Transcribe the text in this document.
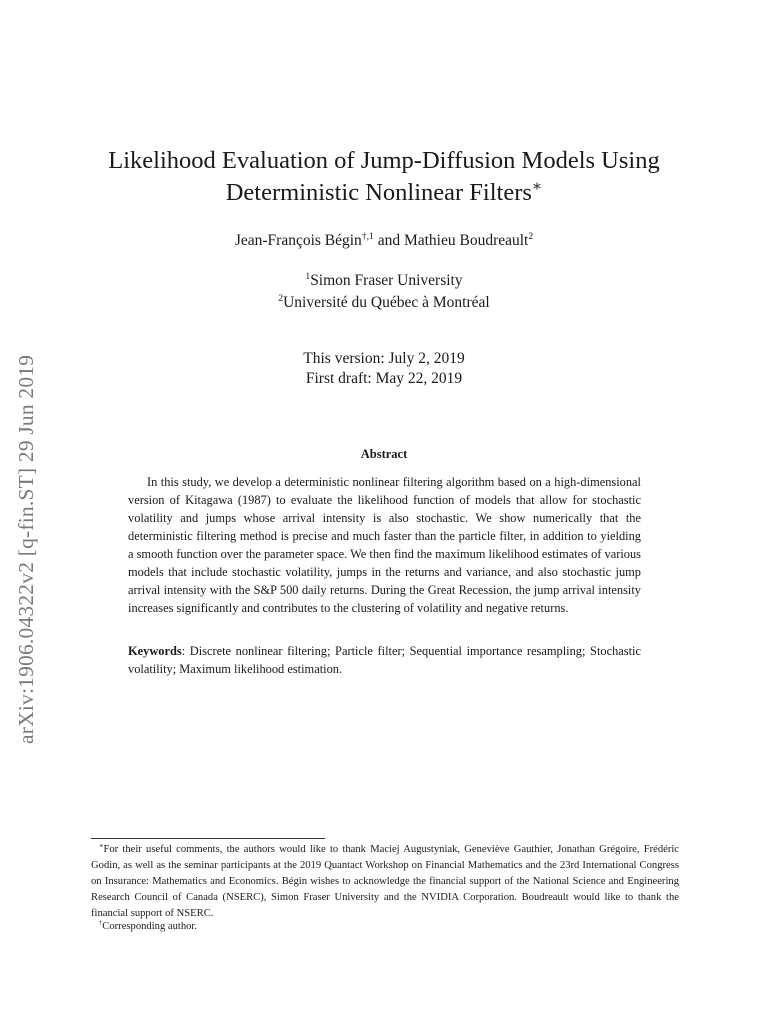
arXiv:1906.04322v2 [q-fin.ST] 29 Jun 2019
Likelihood Evaluation of Jump-Diffusion Models Using
Deterministic Nonlinear Filters∗
Jean-François Bégin$^{\dagger,1}$ and Mathieu Boudreault$^2$
$^1$Simon Fraser University
$^2$Université du Québec à Montréal
This version: July 2, 2019
First draft: May 22, 2019
Abstract

In this study, we develop a deterministic nonlinear filtering algorithm based on a high-dimensional version of Kitagawa (1987) to evaluate the likelihood function of models that allow for stochastic volatility and jumps whose arrival intensity is also stochastic. We show numerically that the deterministic filtering method is precise and much faster than the particle filter, in addition to yielding a smooth function over the parameter space. We then find the maximum likelihood estimates of various models that include stochastic volatility, jumps in the returns and variance, and also stochastic jump arrival intensity with the S&P 500 daily returns. During the Great Recession, the jump arrival intensity increases significantly and contributes to the clustering of volatility and negative returns.

Keywords: Discrete nonlinear filtering; Particle filter; Sequential importance resampling; Stochastic volatility; Maximum likelihood estimation.

∗For their useful comments, the authors would like to thank Maciej Augustyniak, Geneviève Gauthier, Jonathan Grégoire, Frédéric Godin, as well as the seminar participants at the 2019 Quantact Workshop on Financial Mathematics and the 23rd International Congress on Insurance: Mathematics and Economics. Bégin wishes to acknowledge the financial support of the National Science and Engineering Research Council of Canada (NSERC), Simon Fraser University and the NVIDIA Corporation. Boudreault would like to thank the financial support of NSERC.

†Corresponding author.
